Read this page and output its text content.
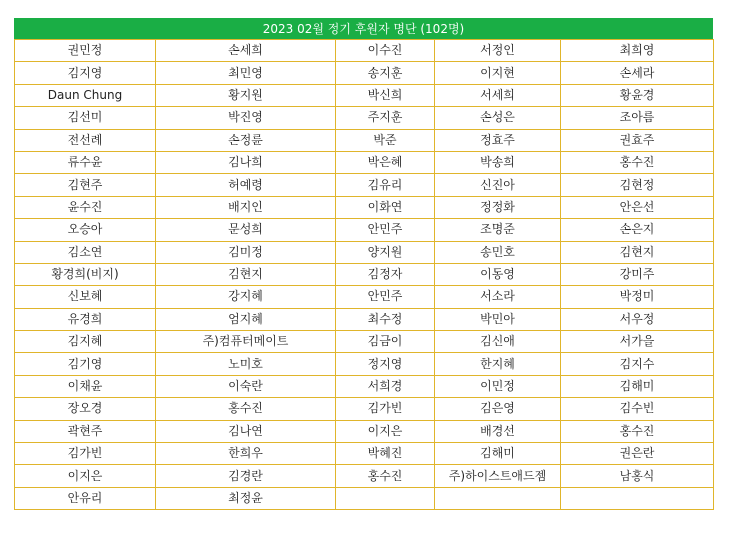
2023 02월 정기 후원자 명단 (102명)
권민정	손세희	이수진	서정인	최희영
김지영	최민영	송지훈	이지현	손세라
Daun Chung	황지원	박신희	서세희	황윤경
김선미	박진영	주지훈	손성은	조아름
전선례	손정륜	박준	정효주	권효주
류수윤	김나희	박은혜	박송희	홍수진
김현주	허예령	김유리	신진아	김현정
윤수진	배지인	이화연	정정화	안은선
오승아	문성희	안민주	조명준	손은지
김소연	김미정	양지원	송민호	김현지
황경희(비지)	김현지	김정자	이동영	강미주
신보혜	강지혜	안민주	서소라	박정미
유경희	엄지혜	최수정	박민아	서우정
김지혜	주)컴퓨터메이트	김금이	김신애	서가을
김기영	노미호	정지영	한지혜	김지수
이채윤	이숙란	서희경	이민정	김해미
장오경	홍수진	김가빈	김은영	김수빈
곽현주	김나연	이지은	배경선	홍수진
김가빈	한희우	박혜진	김해미	권은란
이지은	김경란	홍수진	주)하이스트애드젬	남홍식
안유리	최정윤			
